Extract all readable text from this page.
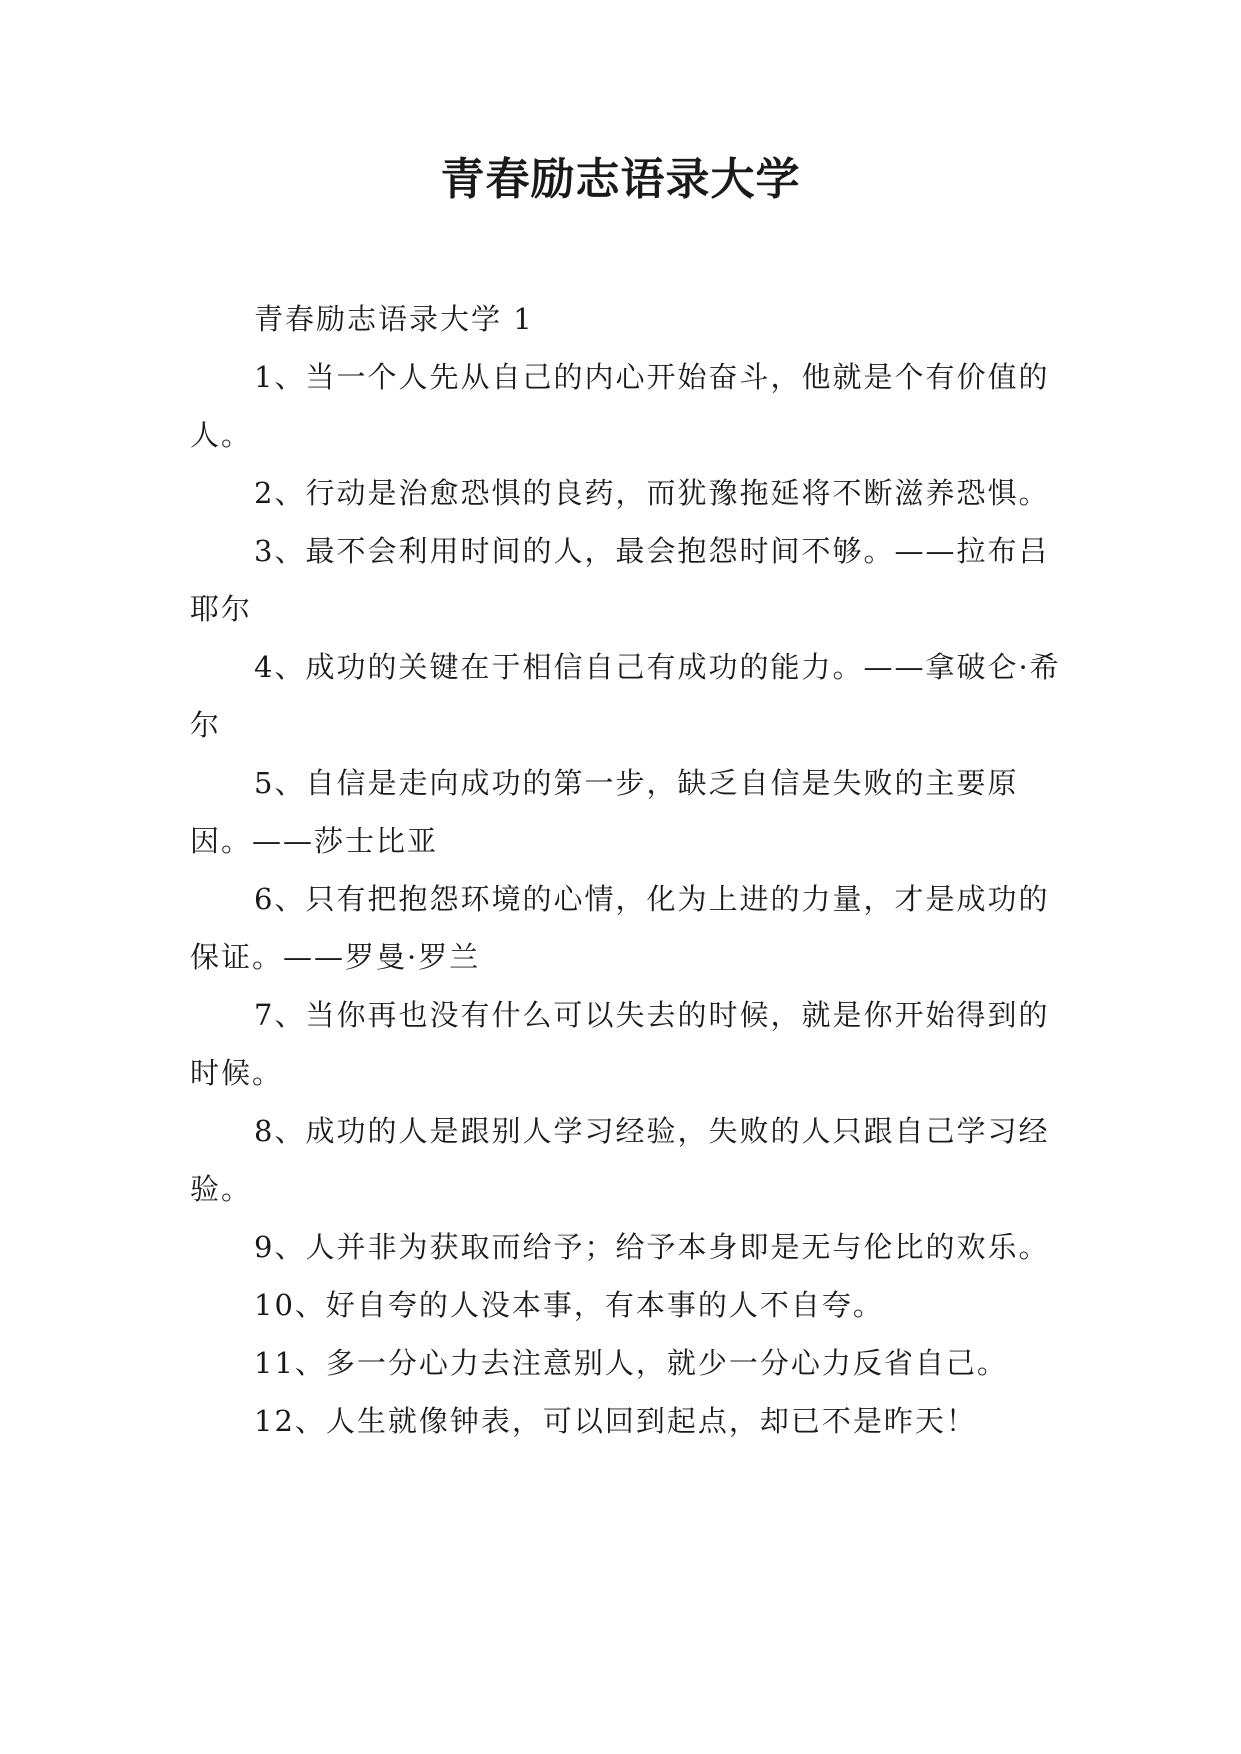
青春励志语录大学

青春励志语录大学 1

1、当一个人先从自己的内心开始奋斗，他就是个有价值的人。

2、行动是治愈恐惧的良药，而犹豫拖延将不断滋养恐惧。

3、最不会利用时间的人，最会抱怨时间不够。——拉布吕耶尔

4、成功的关键在于相信自己有成功的能力。——拿破仑·希尔

5、自信是走向成功的第一步，缺乏自信是失败的主要原因。——莎士比亚

6、只有把抱怨环境的心情，化为上进的力量，才是成功的保证。——罗曼·罗兰

7、当你再也没有什么可以失去的时候，就是你开始得到的时候。

8、成功的人是跟别人学习经验，失败的人只跟自己学习经验。

9、人并非为获取而给予；给予本身即是无与伦比的欢乐。

10、好自夸的人没本事，有本事的人不自夸。

11、多一分心力去注意别人，就少一分心力反省自己。

12、人生就像钟表，可以回到起点，却已不是昨天！
